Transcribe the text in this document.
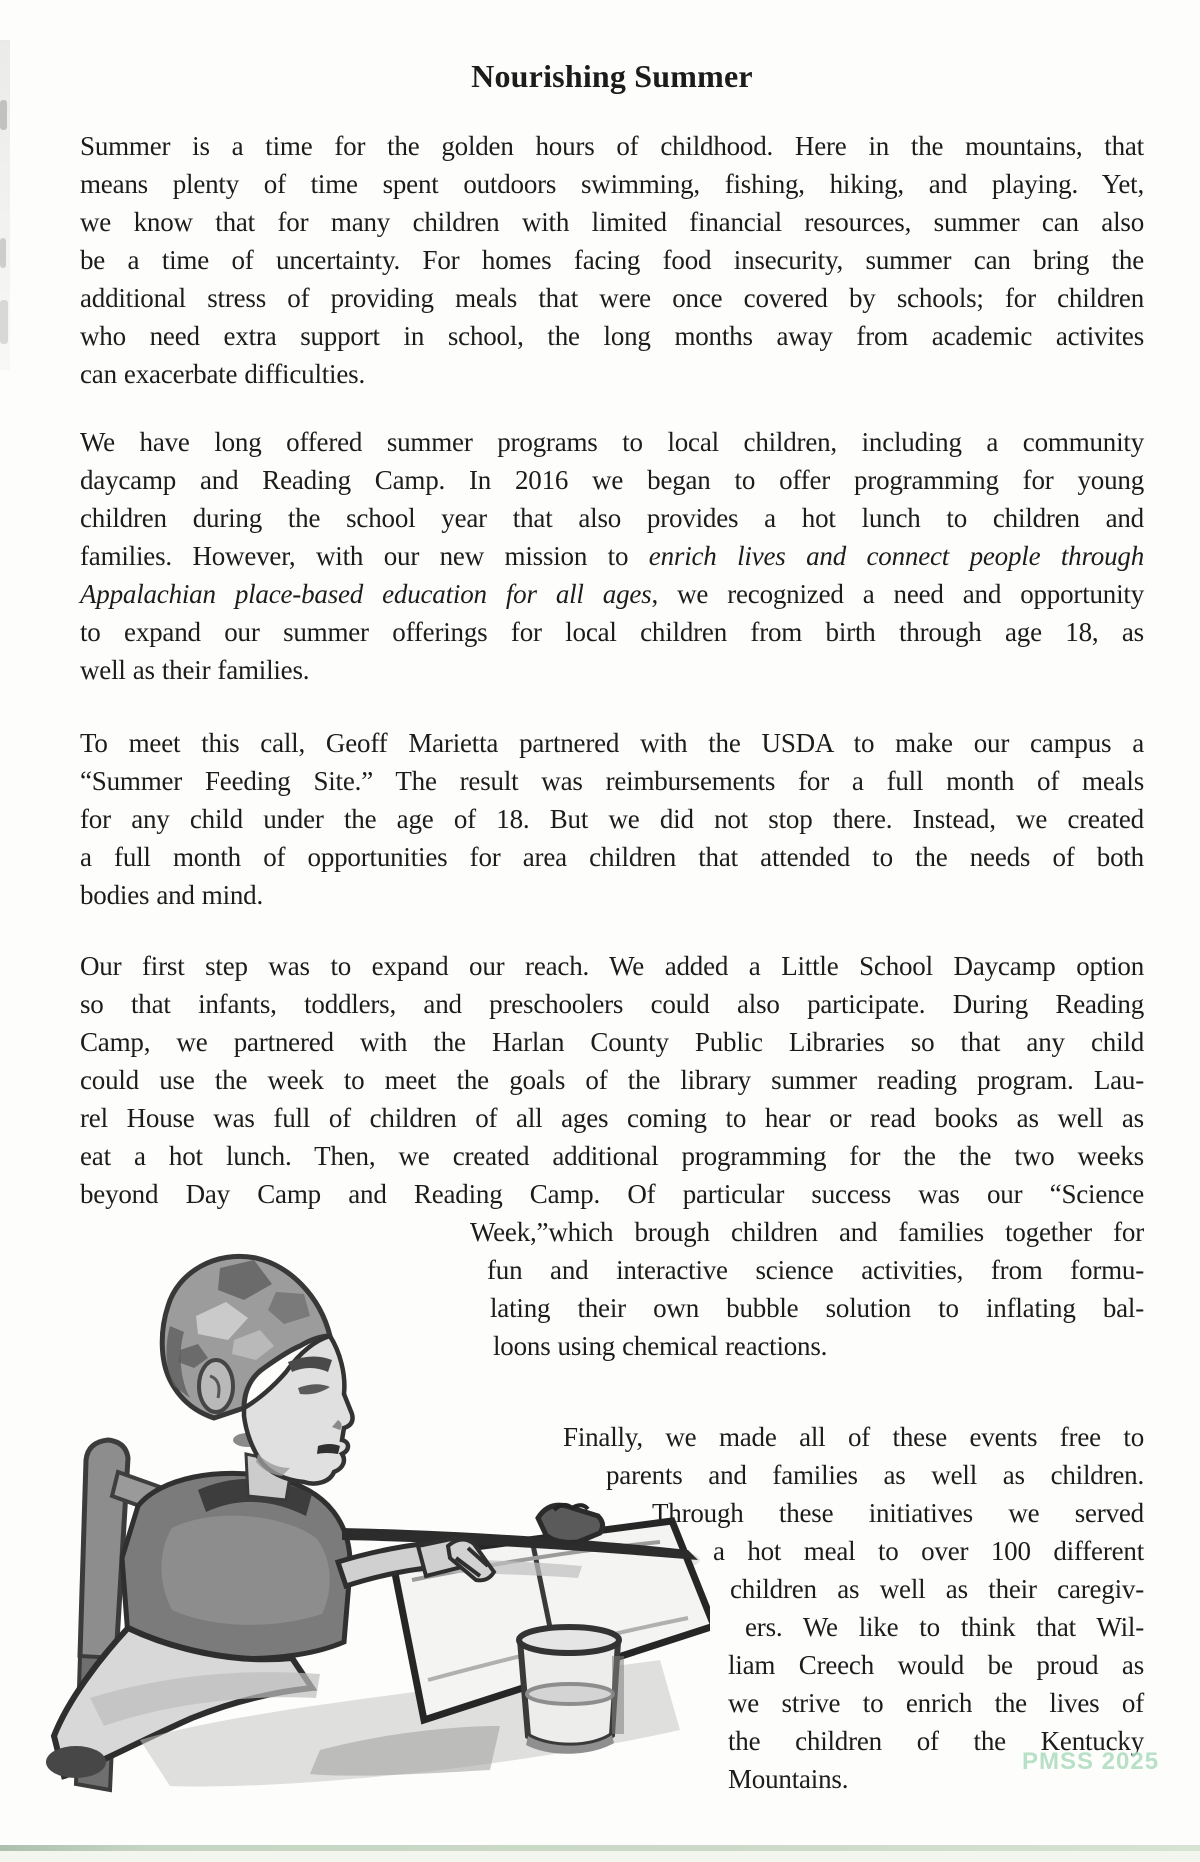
Nourishing Summer
Summer is a time for the golden hours of childhood. Here in the mountains, that
means plenty of time spent outdoors swimming, fishing, hiking, and playing. Yet,
we know that for many children with limited financial resources, summer can also
be a time of uncertainty. For homes facing food insecurity, summer can bring the
additional stress of providing meals that were once covered by schools; for children
who need extra support in school, the long months away from academic activites
can exacerbate difficulties.
We have long offered summer programs to local children, including a community
daycamp and Reading Camp. In 2016 we began to offer programming for young
children during the school year that also provides a hot lunch to children and
families. However, with our new mission to enrich lives and connect people through
Appalachian place-based education for all ages, we recognized a need and opportunity
to expand our summer offerings for local children from birth through age 18, as
well as their families.
To meet this call, Geoff Marietta partnered with the USDA to make our campus a
“Summer Feeding Site.” The result was reimbursements for a full month of meals
for any child under the age of 18. But we did not stop there. Instead, we created
a full month of opportunities for area children that attended to the needs of both
bodies and mind.
Our first step was to expand our reach. We added a Little School Daycamp option
so that infants, toddlers, and preschoolers could also participate. During Reading
Camp, we partnered with the Harlan County Public Libraries so that any child
could use the week to meet the goals of the library summer reading program. Lau-
rel House was full of children of all ages coming to hear or read books as well as
eat a hot lunch. Then, we created additional programming for the the two weeks
beyond Day Camp and Reading Camp. Of particular success was our “Science
Week,”which brough children and families together for
fun and interactive science activities, from formu-
lating their own bubble solution to inflating bal-
loons using chemical reactions.
Finally, we made all of these events free to
parents and families as well as children.
Through these initiatives we served
a hot meal to over 100 different
children as well as their caregiv-
ers. We like to think that Wil-
liam Creech would be proud as
we strive to enrich the lives of
the children of the Kentucky
Mountains.
PMSS 2025
